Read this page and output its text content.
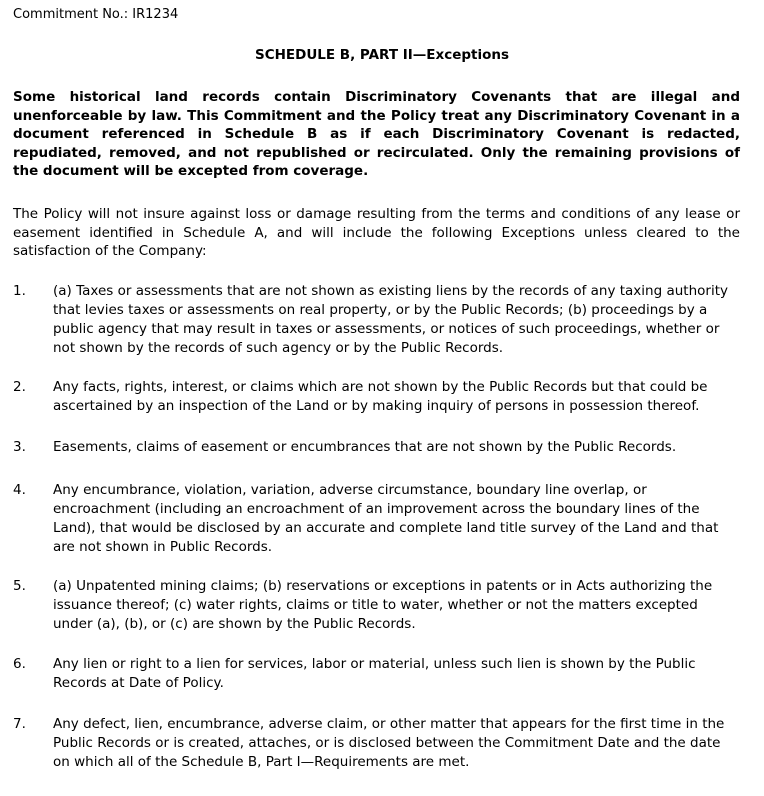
Commitment No.: IR1234
SCHEDULE B, PART II—Exceptions
Some historical land records contain Discriminatory Covenants that are illegal and unenforceable by law. This Commitment and the Policy treat any Discriminatory Covenant in a document referenced in Schedule B as if each Discriminatory Covenant is redacted, repudiated, removed, and not republished or recirculated. Only the remaining provisions of the document will be excepted from coverage.
The Policy will not insure against loss or damage resulting from the terms and conditions of any lease or easement identified in Schedule A, and will include the following Exceptions unless cleared to the satisfaction of the Company:
1. (a) Taxes or assessments that are not shown as existing liens by the records of any taxing authority that levies taxes or assessments on real property, or by the Public Records; (b) proceedings by a public agency that may result in taxes or assessments, or notices of such proceedings, whether or not shown by the records of such agency or by the Public Records.
2. Any facts, rights, interest, or claims which are not shown by the Public Records but that could be ascertained by an inspection of the Land or by making inquiry of persons in possession thereof.
3. Easements, claims of easement or encumbrances that are not shown by the Public Records.
4. Any encumbrance, violation, variation, adverse circumstance, boundary line overlap, or encroachment (including an encroachment of an improvement across the boundary lines of the Land), that would be disclosed by an accurate and complete land title survey of the Land and that are not shown in Public Records.
5. (a) Unpatented mining claims; (b) reservations or exceptions in patents or in Acts authorizing the issuance thereof; (c) water rights, claims or title to water, whether or not the matters excepted under (a), (b), or (c) are shown by the Public Records.
6. Any lien or right to a lien for services, labor or material, unless such lien is shown by the Public Records at Date of Policy.
7. Any defect, lien, encumbrance, adverse claim, or other matter that appears for the first time in the Public Records or is created, attaches, or is disclosed between the Commitment Date and the date on which all of the Schedule B, Part I—Requirements are met.
